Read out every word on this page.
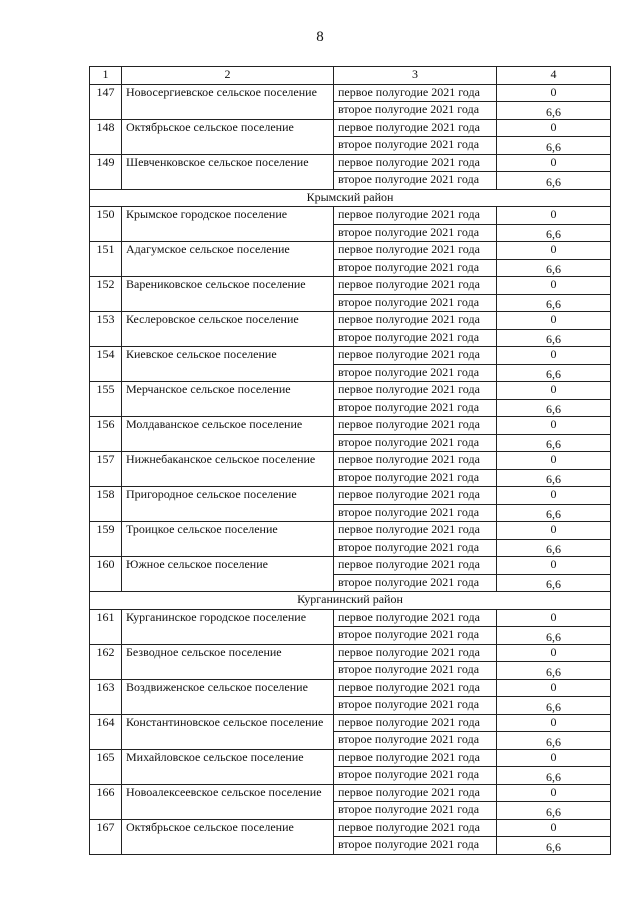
8
1	2	3	4
147	Новосергиевское сельское поселение	первое полугодие 2021 года	0
		второе полугодие 2021 года	6,6
148	Октябрьское сельское поселение	первое полугодие 2021 года	0
		второе полугодие 2021 года	6,6
149	Шевченковское сельское поселение	первое полугодие 2021 года	0
		второе полугодие 2021 года	6,6
Крымский район			
150	Крымское городское поселение	первое полугодие 2021 года	0
		второе полугодие 2021 года	6,6
151	Адагумское сельское поселение	первое полугодие 2021 года	0
		второе полугодие 2021 года	6,6
152	Варениковское сельское поселение	первое полугодие 2021 года	0
		второе полугодие 2021 года	6,6
153	Кеслеровское сельское поселение	первое полугодие 2021 года	0
		второе полугодие 2021 года	6,6
154	Киевское сельское поселение	первое полугодие 2021 года	0
		второе полугодие 2021 года	6,6
155	Мерчанское сельское поселение	первое полугодие 2021 года	0
		второе полугодие 2021 года	6,6
156	Молдаванское сельское поселение	первое полугодие 2021 года	0
		второе полугодие 2021 года	6,6
157	Нижнебаканское сельское поселение	первое полугодие 2021 года	0
		второе полугодие 2021 года	6,6
158	Пригородное сельское поселение	первое полугодие 2021 года	0
		второе полугодие 2021 года	6,6
159	Троицкое сельское поселение	первое полугодие 2021 года	0
		второе полугодие 2021 года	6,6
160	Южное сельское поселение	первое полугодие 2021 года	0
		второе полугодие 2021 года	6,6
Курганинский район			
161	Курганинское городское поселение	первое полугодие 2021 года	0
		второе полугодие 2021 года	6,6
162	Безводное сельское поселение	первое полугодие 2021 года	0
		второе полугодие 2021 года	6,6
163	Воздвиженское сельское поселение	первое полугодие 2021 года	0
		второе полугодие 2021 года	6,6
164	Константиновское сельское поселение	первое полугодие 2021 года	0
		второе полугодие 2021 года	6,6
165	Михайловское сельское поселение	первое полугодие 2021 года	0
		второе полугодие 2021 года	6,6
166	Новоалексеевское сельское поселение	первое полугодие 2021 года	0
		второе полугодие 2021 года	6,6
167	Октябрьское сельское поселение	первое полугодие 2021 года	0
		второе полугодие 2021 года	6,6
